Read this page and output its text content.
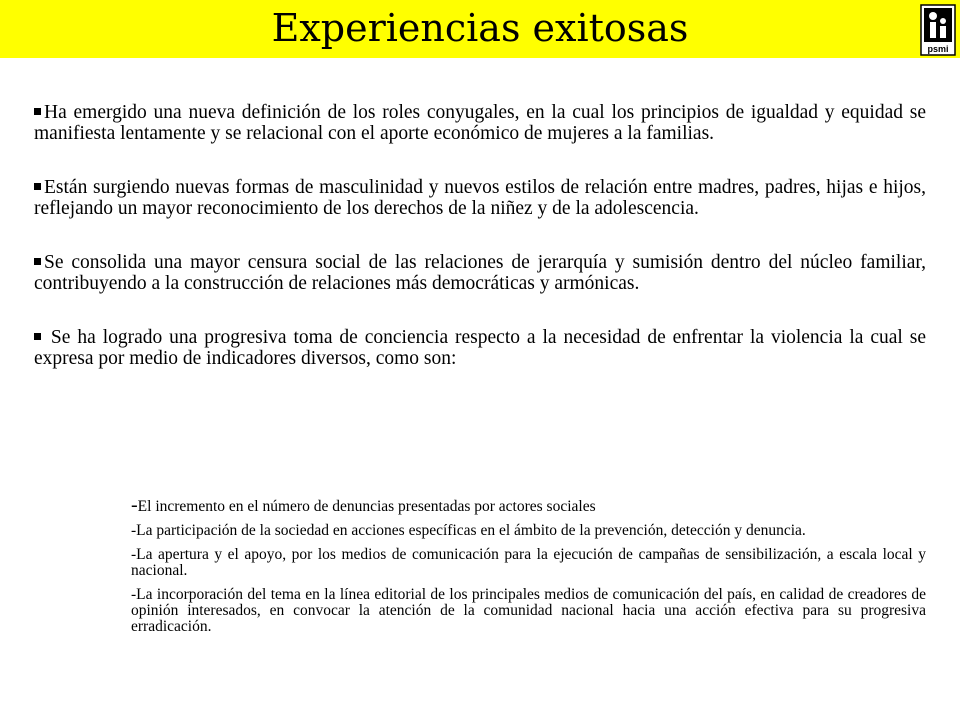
Experiencias exitosas	psmi

Ha emergido una nueva definición de los roles conyugales, en la cual los principios de igualdad y equidad se manifiesta lentamente y se relacional con el aporte económico de mujeres a la familias.

Están surgiendo nuevas formas de masculinidad y nuevos estilos de relación entre madres, padres, hijas e hijos, reflejando un mayor reconocimiento de los derechos de la niñez y de la adolescencia.

Se consolida una mayor censura social de las relaciones de jerarquía y sumisión dentro del núcleo familiar, contribuyendo a la construcción de relaciones más democráticas y armónicas.

Se ha logrado una progresiva toma de conciencia respecto a la necesidad de enfrentar la violencia la cual se expresa por medio de indicadores diversos, como son:

-El incremento en el número de denuncias presentadas por actores sociales

-La participación de la sociedad en acciones específicas en el ámbito de la prevención, detección y denuncia.

-La apertura y el apoyo, por los medios de comunicación para la ejecución de campañas de sensibilización, a escala local y nacional.

-La incorporación del tema en la línea editorial de los principales medios de comunicación del país, en calidad de creadores de opinión interesados, en convocar la atención de la comunidad nacional hacia una acción efectiva para su progresiva erradicación.
